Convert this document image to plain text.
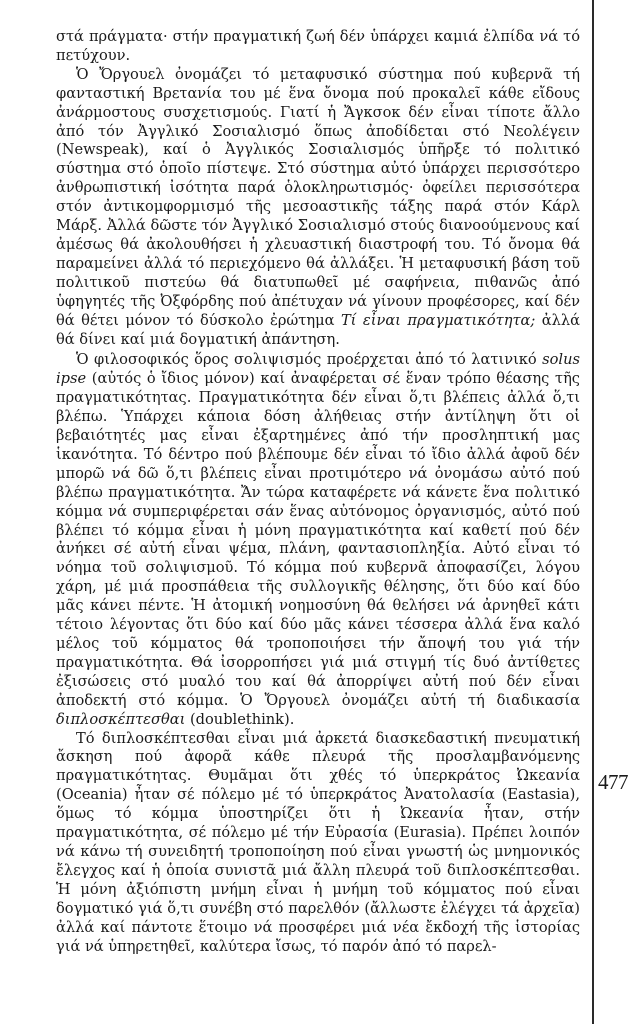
στά πράγματα· στήν πραγματική ζωή δέν ὑπάρχει καμιά ἐλπίδα νά τό πετύχουν.

Ὁ Ὄργουελ ὀνομάζει τό μεταφυσικό σύστημα πού κυβερνᾶ τή φανταστική Βρετανία του μέ ἕνα ὄνομα πού προκαλεῖ κάθε εἴδους ἀνάρμοστους συσχετισμούς. Γιατί ἡ Ἄγκσοκ δέν εἶναι τίποτε ἄλλο ἀπό τόν Ἀγγλικό Σοσιαλισμό ὅπως ἀποδίδεται στό Νεολέγειν (Newspeak), καί ὁ Ἀγγλικός Σοσιαλισμός ὑπῆρξε τό πολιτικό σύστημα στό ὁποῖο πίστεψε. Στό σύστημα αὐτό ὑπάρχει περισσότερο ἀνθρωπιστική ἰσότητα παρά ὁλοκληρωτισμός· ὀφείλει περισσότερα στόν ἀντικομφορμισμό τῆς μεσοαστικῆς τάξης παρά στόν Κάρλ Μάρξ. Ἀλλά δῶστε τόν Ἀγγλικό Σοσιαλισμό στούς διανοούμενους καί ἀμέσως θά ἀκολουθήσει ἡ χλευαστική διαστροφή του. Τό ὄνομα θά παραμείνει ἀλλά τό περιεχόμενο θά ἀλλάξει. Ἡ μεταφυσική βάση τοῦ πολιτικοῦ πιστεύω θά διατυπωθεῖ μέ σαφήνεια, πιθανῶς ἀπό ὑφηγητές τῆς Ὀξφόρδης πού ἀπέτυχαν νά γίνουν προφέσορες, καί δέν θά θέτει μόνον τό δύσκολο ἐρώτημα Τί εἶναι πραγματικότητα; ἀλλά θά δίνει καί μιά δογματική ἀπάντηση.

Ὁ φιλοσοφικός ὅρος σολιψισμός προέρχεται ἀπό τό λατινικό solus ipse (αὐτός ὁ ἴδιος μόνον) καί ἀναφέρεται σέ ἕναν τρόπο θέασης τῆς πραγματικότητας. Πραγματικότητα δέν εἶναι ὅ,τι βλέπεις ἀλλά ὅ,τι βλέπω. Ὑπάρχει κάποια δόση ἀλήθειας στήν ἀντίληψη ὅτι οἱ βεβαιότητές μας εἶναι ἐξαρτημένες ἀπό τήν προσληπτική μας ἱκανότητα. Τό δέντρο πού βλέπουμε δέν εἶναι τό ἴδιο ἀλλά ἀφοῦ δέν μπορῶ νά δῶ ὅ,τι βλέπεις εἶναι προτιμότερο νά ὀνομάσω αὐτό πού βλέπω πραγματικότητα. Ἄν τώρα καταφέρετε νά κάνετε ἕνα πολιτικό κόμμα νά συμπεριφέρεται σάν ἕνας αὐτόνομος ὀργανισμός, αὐτό πού βλέπει τό κόμμα εἶναι ἡ μόνη πραγματικότητα καί καθετί πού δέν ἀνήκει σέ αὐτή εἶναι ψέμα, πλάνη, φαντασιοπληξία. Αὐτό εἶναι τό νόημα τοῦ σολιψισμοῦ. Τό κόμμα πού κυβερνᾶ ἀποφασίζει, λόγου χάρη, μέ μιά προσπάθεια τῆς συλλογικῆς θέλησης, ὅτι δύο καί δύο μᾶς κάνει πέντε. Ἡ ἀτομική νοημοσύνη θά θελήσει νά ἀρνηθεῖ κάτι τέτοιο λέγοντας ὅτι δύο καί δύο μᾶς κάνει τέσσερα ἀλλά ἕνα καλό μέλος τοῦ κόμματος θά τροποποιήσει τήν ἄποψή του γιά τήν πραγματικότητα. Θά ἰσορροπήσει γιά μιά στιγμή τίς δυό ἀντίθετες ἐξισώσεις στό μυαλό του καί θά ἀπορρίψει αὐτή πού δέν εἶναι ἀποδεκτή στό κόμμα. Ὁ Ὄργουελ ὀνομάζει αὐτή τή διαδικασία διπλοσκέπτεσθαι (doublethink).

Τό διπλοσκέπτεσθαι εἶναι μιά ἀρκετά διασκεδαστική πνευματική ἄσκηση πού ἀφορᾶ κάθε πλευρά τῆς προσλαμβανόμενης πραγματικότητας. Θυμᾶμαι ὅτι χθές τό ὑπερκράτος Ὠκεανία (Oceania) ἦταν σέ πόλεμο μέ τό ὑπερκράτος Ἀνατολασία (Eastasia), ὅμως τό κόμμα ὑποστηρίζει ὅτι ἡ Ὠκεανία ἦταν, στήν πραγματικότητα, σέ πόλεμο μέ τήν Εὐρασία (Eurasia). Πρέπει λοιπόν νά κάνω τή συνειδητή τροποποίηση πού εἶναι γνωστή ὡς μνημονικός ἔλεγχος καί ἡ ὁποία συνιστᾶ μιά ἄλλη πλευρά τοῦ διπλοσκέπτεσθαι. Ἡ μόνη ἀξιόπιστη μνήμη εἶναι ἡ μνήμη τοῦ κόμματος πού εἶναι δογματικό γιά ὅ,τι συνέβη στό παρελθόν (ἄλλωστε ἐλέγχει τά ἀρχεῖα) ἀλλά καί πάντοτε ἕτοιμο νά προσφέρει μιά νέα ἔκδοχή τῆς ἱστορίας γιά νά ὑπηρετηθεῖ, καλύτερα ἴσως, τό παρόν ἀπό τό παρελ-

477
